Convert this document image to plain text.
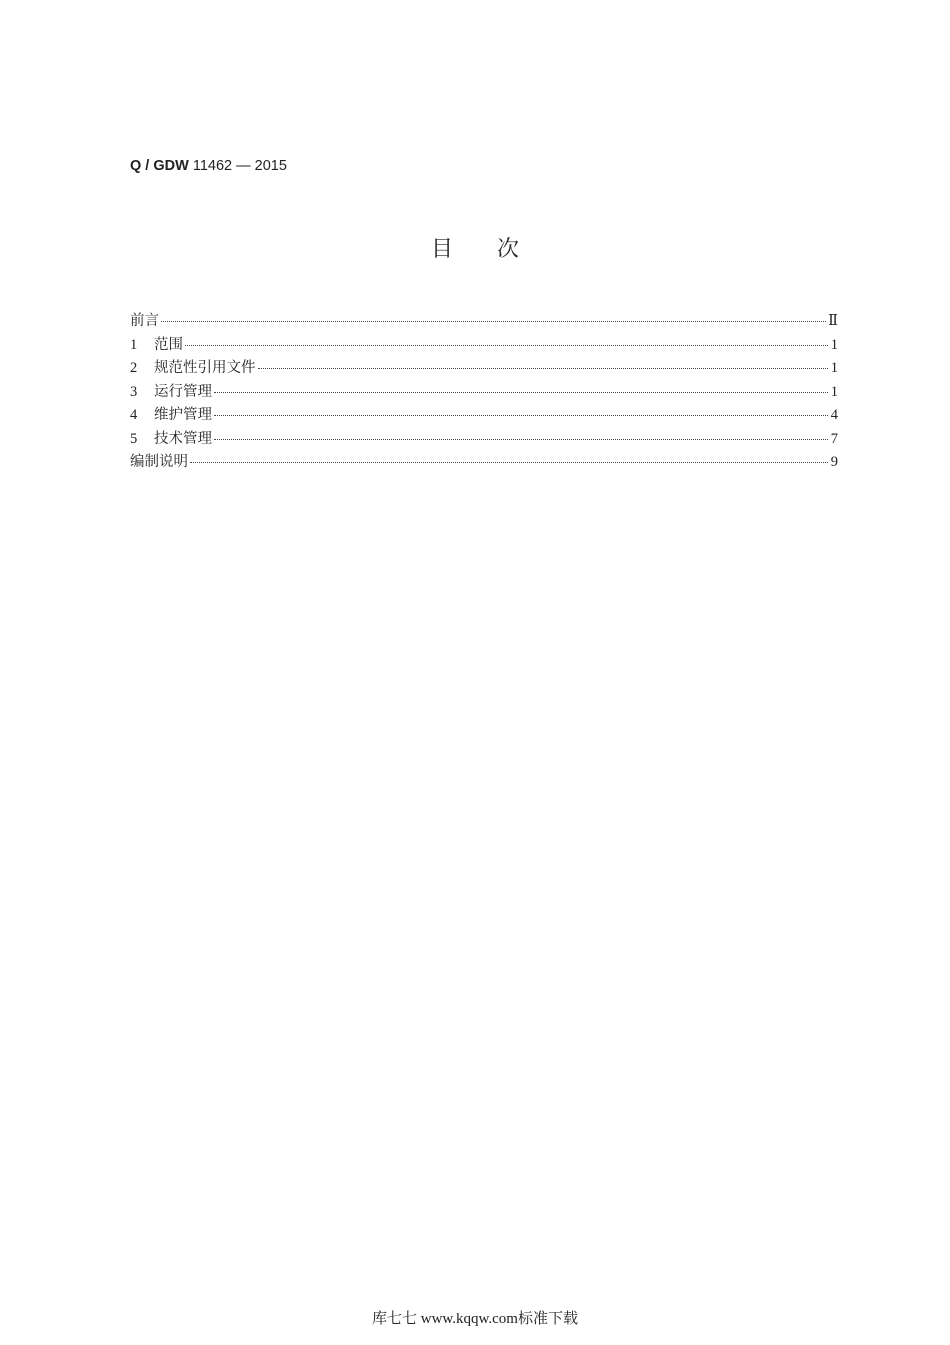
Q / GDW 11462 — 2015
目次
前言	Ⅱ
1	范围	1
2	规范性引用文件	1
3	运行管理	1
4	维护管理	4
5	技术管理	7
编制说明	9
库七七 www.kqqw.com标准下载
